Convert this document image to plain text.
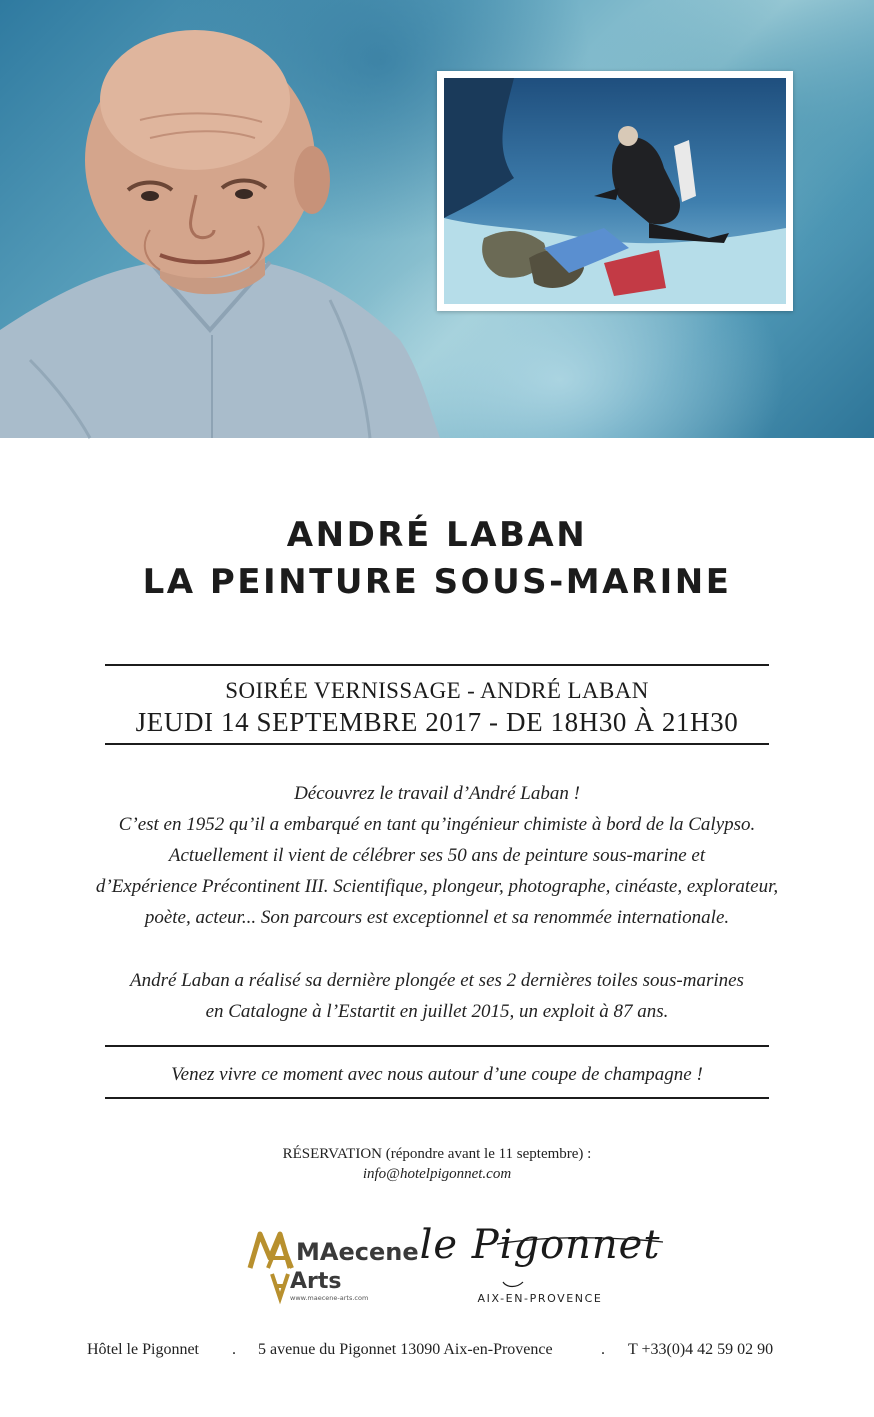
ANDRÉ LABAN
LA PEINTURE SOUS-MARINE
SOIRÉE VERNISSAGE - ANDRÉ LABAN
JEUDI 14 SEPTEMBRE 2017 - DE 18H30 À 21H30
Découvrez le travail d’André Laban !
C’est en 1952 qu’il a embarqué en tant qu’ingénieur chimiste à bord de la Calypso.
Actuellement il vient de célébrer ses 50 ans de peinture sous-marine et
d’Expérience Précontinent III. Scientifique, plongeur, photographe, cinéaste, explorateur,
poète, acteur... Son parcours est exceptionnel et sa renommée internationale.
André Laban a réalisé sa dernière plongée et ses 2 dernières toiles sous-marines
en Catalogne à l’Estartit en juillet 2015, un exploit à 87 ans.
Venez vivre ce moment avec nous autour d’une coupe de champagne !
RÉSERVATION (répondre avant le 11 septembre) :
info@hotelpigonnet.com
MAecene
Arts
www.maecene-arts.com
le Pigonnet
AIX-EN-PROVENCE
Hôtel le Pigonnet . 5 avenue du Pigonnet 13090 Aix-en-Provence	. T +33(0)4 42 59 02 90
